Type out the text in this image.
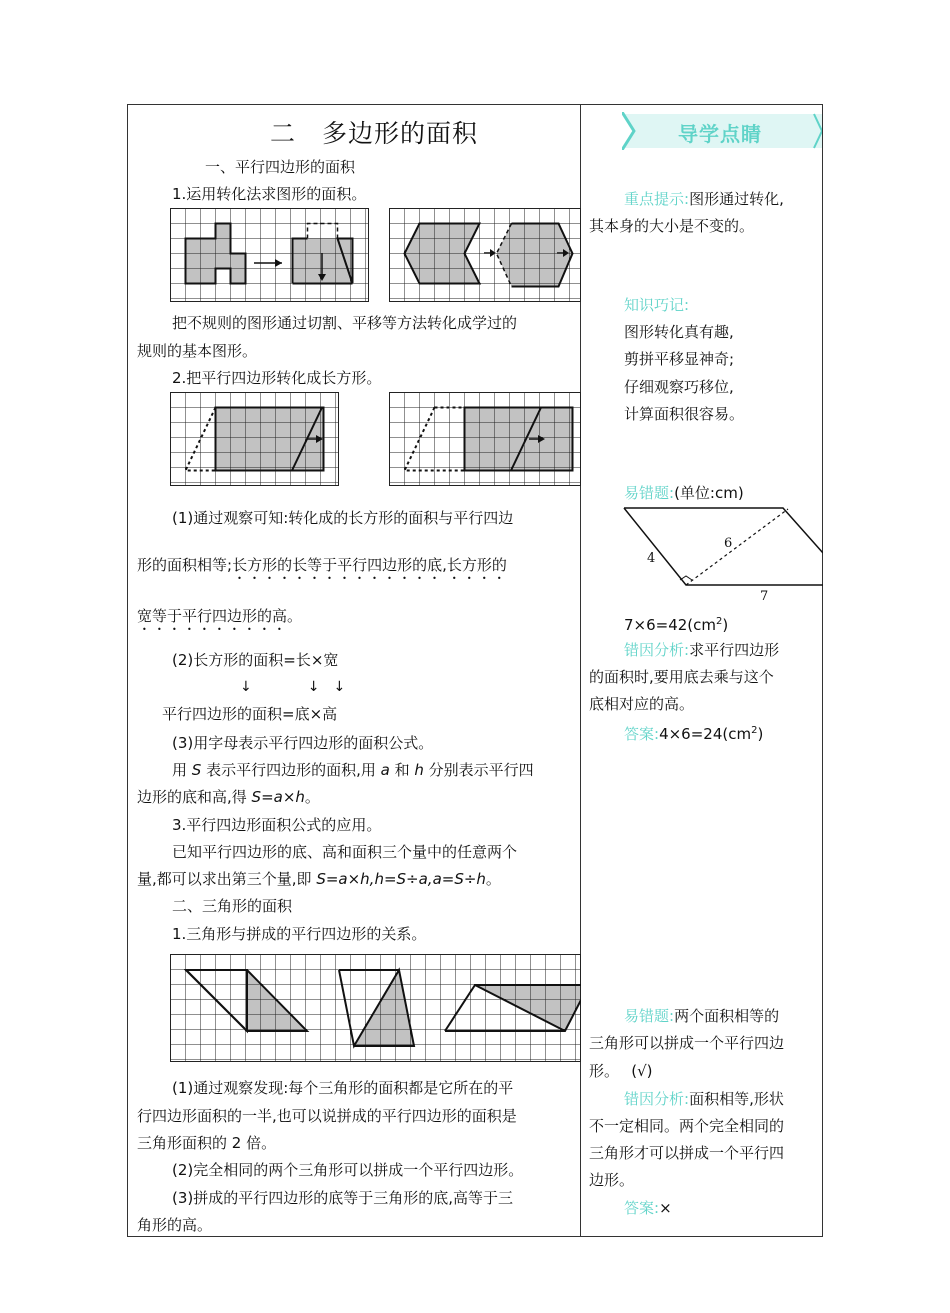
二　多边形的面积
一、平行四边形的面积
1.运用转化法求图形的面积。
把不规则的图形通过切割、平移等方法转化成学过的
规则的基本图形。
2.把平行四边形转化成长方形。
(1)通过观察可知:转化成的长方形的面积与平行四边
形的面积相等;长方形的长等于平行四边形的底,长方形的
宽等于平行四边形的高。
(2)长方形的面积=长×宽
↓　　　　↓　↓
平行四边形的面积=底×高
(3)用字母表示平行四边形的面积公式。
用 S 表示平行四边形的面积,用 a 和 h 分别表示平行四
边形的底和高,得 S=a×h。
3.平行四边形面积公式的应用。
已知平行四边形的底、高和面积三个量中的任意两个
量,都可以求出第三个量,即 S=a×h,h=S÷a,a=S÷h。
二、三角形的面积
1.三角形与拼成的平行四边形的关系。
(1)通过观察发现:每个三角形的面积都是它所在的平
行四边形面积的一半,也可以说拼成的平行四边形的面积是
三角形面积的 2 倍。
(2)完全相同的两个三角形可以拼成一个平行四边形。
(3)拼成的平行四边形的底等于三角形的底,高等于三
角形的高。
导学点睛
重点提示:图形通过转化,
其本身的大小是不变的。
知识巧记:
图形转化真有趣,
剪拼平移显神奇;
仔细观察巧移位,
计算面积很容易。
易错题:(单位:cm)
4
6
7
$7\times 6=42(cm^2)$
错因分析:求平行四边形
的面积时,要用底去乘与这个
底相对应的高。
答案$:4\times 6=24(cm^2)$
易错题:两个面积相等的
三角形可以拼成一个平行四边
形。　 (√)
错因分析:面积相等,形状
不一定相同。两个完全相同的
三角形才可以拼成一个平行四
边形。
答案:×
